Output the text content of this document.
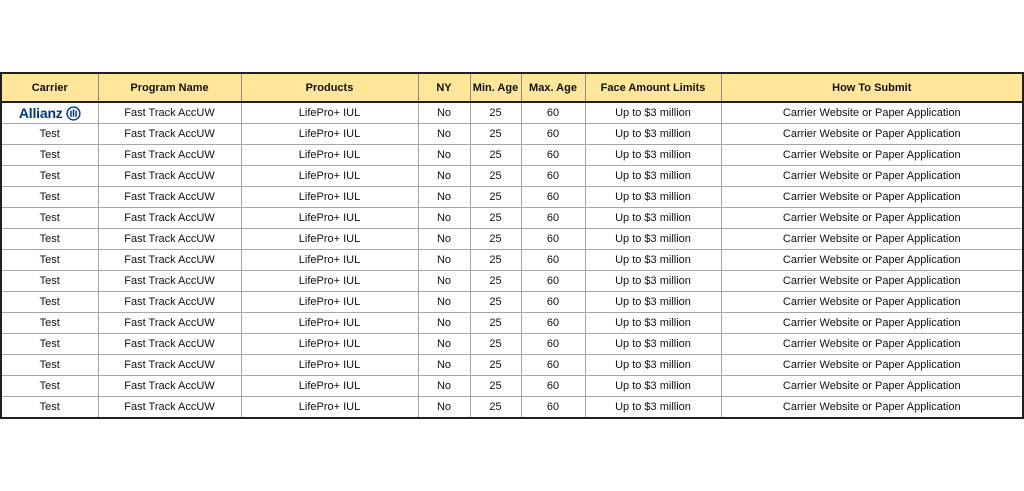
Carrier	Program Name	Products	NY	Min. Age	Max. Age	Face Amount Limits	How To Submit

Allianz	Fast Track AccUW	LifePro+ IUL	No	25	60	Up to $3 million	Carrier Website or Paper Application
Test	Fast Track AccUW	LifePro+ IUL	No	25	60	Up to $3 million	Carrier Website or Paper Application
Test	Fast Track AccUW	LifePro+ IUL	No	25	60	Up to $3 million	Carrier Website or Paper Application
Test	Fast Track AccUW	LifePro+ IUL	No	25	60	Up to $3 million	Carrier Website or Paper Application
Test	Fast Track AccUW	LifePro+ IUL	No	25	60	Up to $3 million	Carrier Website or Paper Application
Test	Fast Track AccUW	LifePro+ IUL	No	25	60	Up to $3 million	Carrier Website or Paper Application
Test	Fast Track AccUW	LifePro+ IUL	No	25	60	Up to $3 million	Carrier Website or Paper Application
Test	Fast Track AccUW	LifePro+ IUL	No	25	60	Up to $3 million	Carrier Website or Paper Application
Test	Fast Track AccUW	LifePro+ IUL	No	25	60	Up to $3 million	Carrier Website or Paper Application
Test	Fast Track AccUW	LifePro+ IUL	No	25	60	Up to $3 million	Carrier Website or Paper Application
Test	Fast Track AccUW	LifePro+ IUL	No	25	60	Up to $3 million	Carrier Website or Paper Application
Test	Fast Track AccUW	LifePro+ IUL	No	25	60	Up to $3 million	Carrier Website or Paper Application
Test	Fast Track AccUW	LifePro+ IUL	No	25	60	Up to $3 million	Carrier Website or Paper Application
Test	Fast Track AccUW	LifePro+ IUL	No	25	60	Up to $3 million	Carrier Website or Paper Application
Test	Fast Track AccUW	LifePro+ IUL	No	25	60	Up to $3 million	Carrier Website or Paper Application
